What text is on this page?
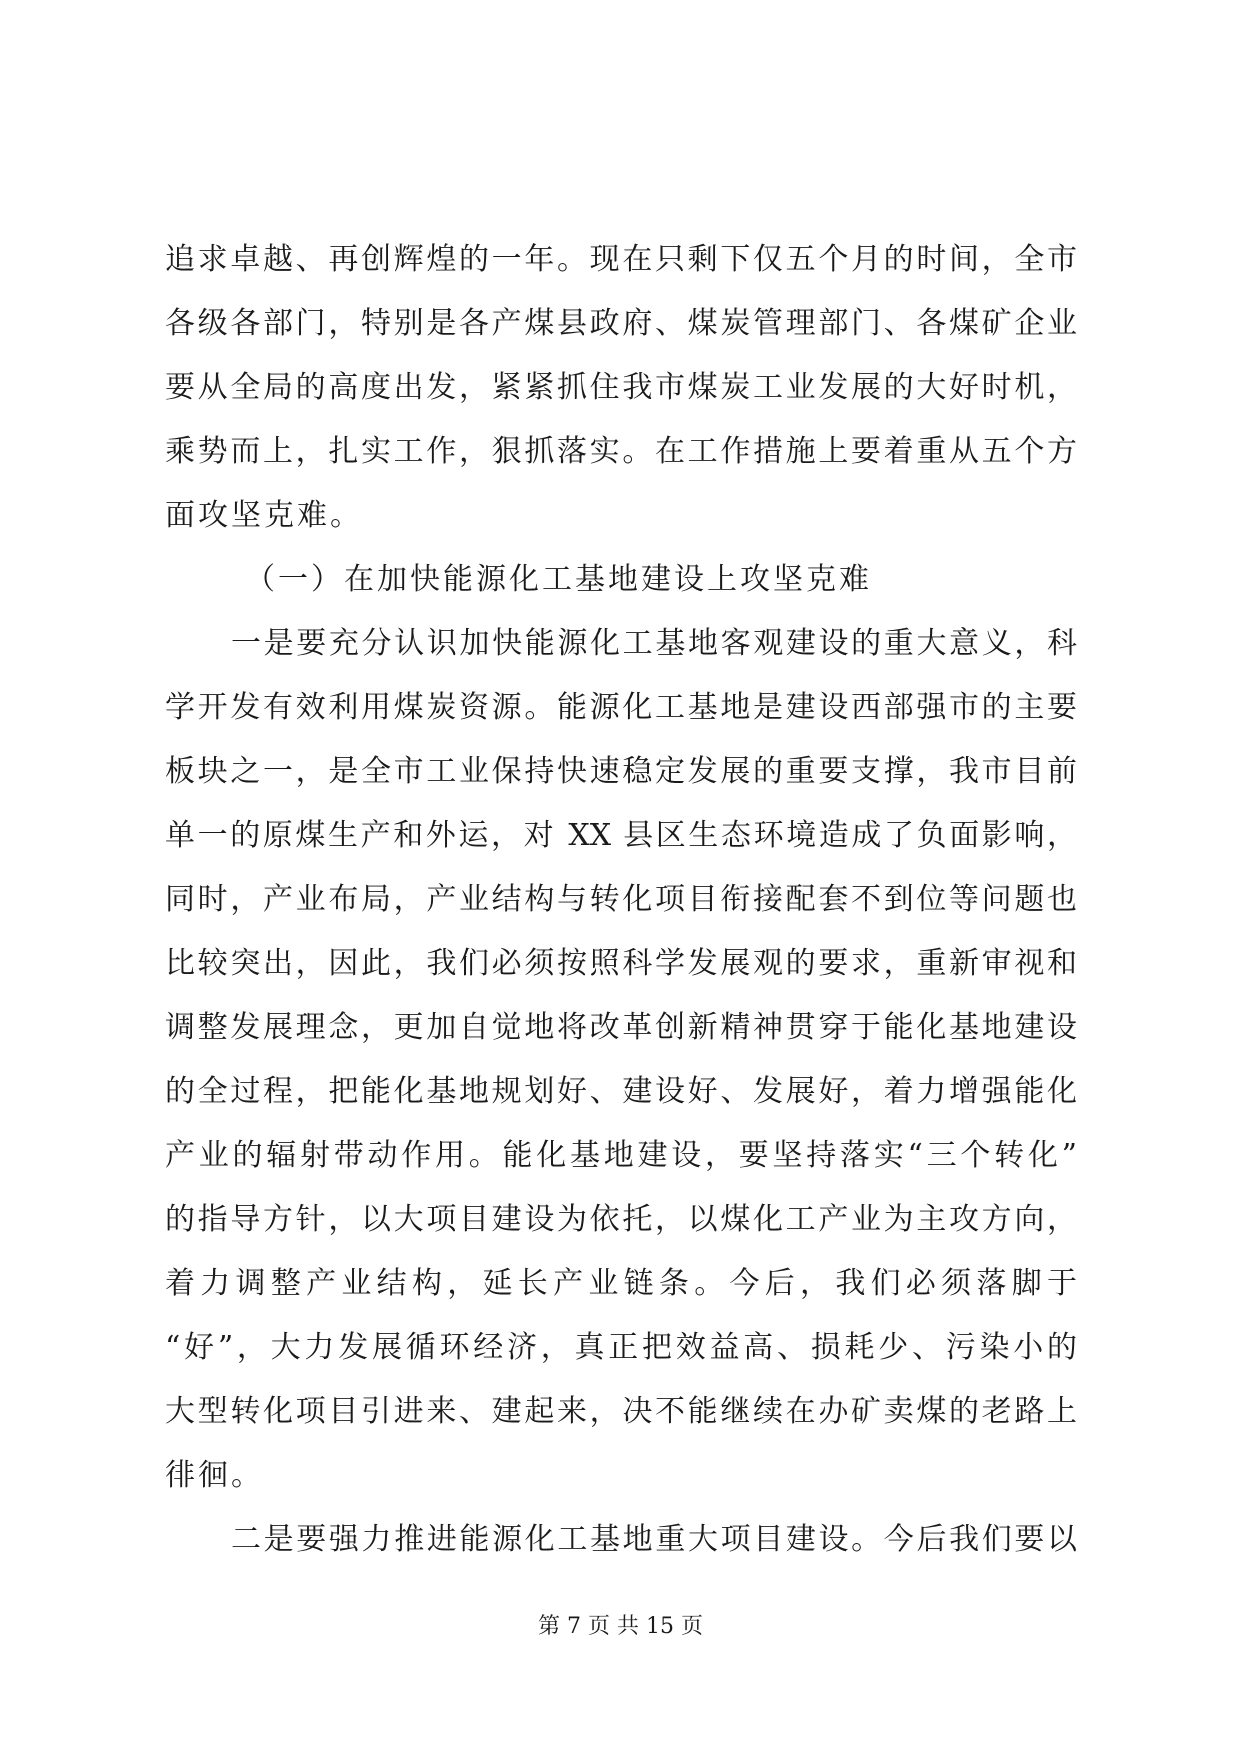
追求卓越、再创辉煌的一年。现在只剩下仅五个月的时间，全市
各级各部门，特别是各产煤县政府、煤炭管理部门、各煤矿企业
要从全局的高度出发，紧紧抓住我市煤炭工业发展的大好时机，
乘势而上，扎实工作，狠抓落实。在工作措施上要着重从五个方
面攻坚克难。
（一）在加快能源化工基地建设上攻坚克难
一是要充分认识加快能源化工基地客观建设的重大意义，科
学开发有效利用煤炭资源。能源化工基地是建设西部强市的主要
板块之一，是全市工业保持快速稳定发展的重要支撑，我市目前
单一的原煤生产和外运，对 XX 县区生态环境造成了负面影响，
同时，产业布局，产业结构与转化项目衔接配套不到位等问题也
比较突出，因此，我们必须按照科学发展观的要求，重新审视和
调整发展理念，更加自觉地将改革创新精神贯穿于能化基地建设
的全过程，把能化基地规划好、建设好、发展好，着力增强能化
产业的辐射带动作用。能化基地建设，要坚持落实“三个转化”
的指导方针，以大项目建设为依托，以煤化工产业为主攻方向，
着力调整产业结构，延长产业链条。今后，我们必须落脚于
“好”，大力发展循环经济，真正把效益高、损耗少、污染小的
大型转化项目引进来、建起来，决不能继续在办矿卖煤的老路上
徘徊。
二是要强力推进能源化工基地重大项目建设。今后我们要以
第 7 页 共 15 页
